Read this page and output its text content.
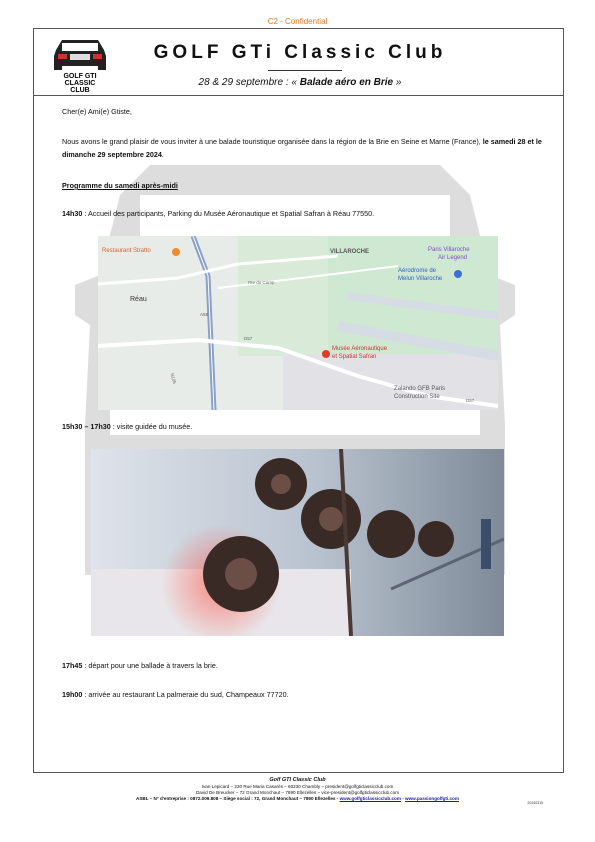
C2 - Confidential
GOLF GTI
CLASSIC
CLUB
GOLF GTi Classic Club
28 & 29 septembre : « Balade aéro en Brie »
Cher(e) Ami(e) Gtiste,
Nous avons le grand plaisir de vous inviter à une balade touristique organisée dans la région de la Brie en Seine et Marne (France), le samedi 28 et le dimanche 29 septembre 2024.
Programme du samedi après-midi
14h30 : Accueil des participants, Parking du Musée Aéronautique et Spatial Safran à Réau 77550.
Restaurant Stratto	VILLAROCHE	Paris Villaroche
Air Legend
Aérodrome de
Melun Villaroche
Réau
Rte du Camp
A5B
D57
Musée Aéronautique
et Spatial Safran
Zalando GFB Paris
Construction Site
N105
D57
15h30 – 17h30 : visite guidée du musée.
17h45 : départ pour une ballade à travers la brie.
19h00 : arrivée au restaurant La palmeraie du sud, Champeaux 77720.
Golf GTI Classic Club
Ivan Lepicard – 220 Rue Maria Casarès – 60230 Chambly – president@golfgticlassicclub.com
David De Breucker – 72 Grand Monchaut – 7890 Ellezelles – vice-president@golfgticlassicclub.com
ASBL – N° d'entreprise : 0872.009.808 – Siège social : 72, Grand Monchaut – 7890 Ellezelles - www.golfgticlassicclub.com - www.passiongolfgti.com
20240315
